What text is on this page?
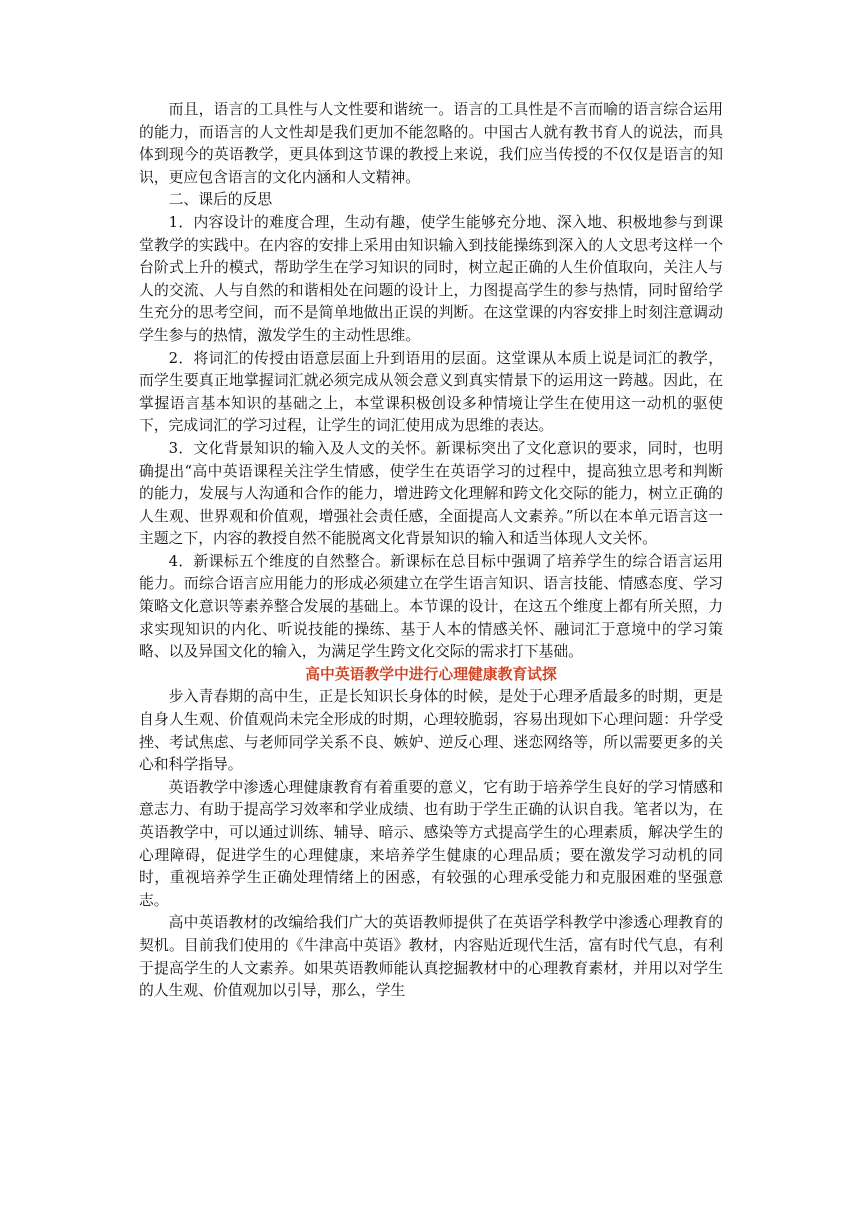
而且，语言的工具性与人文性要和谐统一。语言的工具性是不言而喻的语言综合运用的能力，而语言的人文性却是我们更加不能忽略的。中国古人就有教书育人的说法，而具体到现今的英语教学，更具体到这节课的教授上来说，我们应当传授的不仅仅是语言的知识，更应包含语言的文化内涵和人文精神。

二、课后的反思

1．内容设计的难度合理，生动有趣，使学生能够充分地、深入地、积极地参与到课堂教学的实践中。在内容的安排上采用由知识输入到技能操练到深入的人文思考这样一个台阶式上升的模式，帮助学生在学习知识的同时，树立起正确的人生价值取向，关注人与人的交流、人与自然的和谐相处在问题的设计上，力图提高学生的参与热情，同时留给学生充分的思考空间，而不是简单地做出正误的判断。在这堂课的内容安排上时刻注意调动学生参与的热情，激发学生的主动性思维。

2．将词汇的传授由语意层面上升到语用的层面。这堂课从本质上说是词汇的教学，而学生要真正地掌握词汇就必须完成从领会意义到真实情景下的运用这一跨越。因此，在掌握语言基本知识的基础之上，本堂课积极创设多种情境让学生在使用这一动机的驱使下，完成词汇的学习过程，让学生的词汇使用成为思维的表达。

3．文化背景知识的输入及人文的关怀。新课标突出了文化意识的要求，同时，也明确提出“高中英语课程关注学生情感，使学生在英语学习的过程中，提高独立思考和判断的能力，发展与人沟通和合作的能力，增进跨文化理解和跨文化交际的能力，树立正确的人生观、世界观和价值观，增强社会责任感，全面提高人文素养。”所以在本单元语言这一主题之下，内容的教授自然不能脱离文化背景知识的输入和适当体现人文关怀。

4．新课标五个维度的自然整合。新课标在总目标中强调了培养学生的综合语言运用能力。而综合语言应用能力的形成必须建立在学生语言知识、语言技能、情感态度、学习策略文化意识等素养整合发展的基础上。本节课的设计，在这五个维度上都有所关照，力求实现知识的内化、听说技能的操练、基于人本的情感关怀、融词汇于意境中的学习策略、以及异国文化的输入，为满足学生跨文化交际的需求打下基础。

高中英语教学中进行心理健康教育试探

步入青春期的高中生，正是长知识长身体的时候，是处于心理矛盾最多的时期，更是自身人生观、价值观尚未完全形成的时期，心理较脆弱，容易出现如下心理问题：升学受挫、考试焦虑、与老师同学关系不良、嫉妒、逆反心理、迷恋网络等，所以需要更多的关心和科学指导。

英语教学中渗透心理健康教育有着重要的意义，它有助于培养学生良好的学习情感和意志力、有助于提高学习效率和学业成绩、也有助于学生正确的认识自我。笔者以为，在英语教学中，可以通过训练、辅导、暗示、感染等方式提高学生的心理素质，解决学生的心理障碍，促进学生的心理健康，来培养学生健康的心理品质；要在激发学习动机的同时，重视培养学生正确处理情绪上的困惑，有较强的心理承受能力和克服困难的坚强意志。

高中英语教材的改编给我们广大的英语教师提供了在英语学科教学中渗透心理教育的契机。目前我们使用的《牛津高中英语》教材，内容贴近现代生活，富有时代气息，有利于提高学生的人文素养。如果英语教师能认真挖掘教材中的心理教育素材，并用以对学生的人生观、价值观加以引导，那么，学生
